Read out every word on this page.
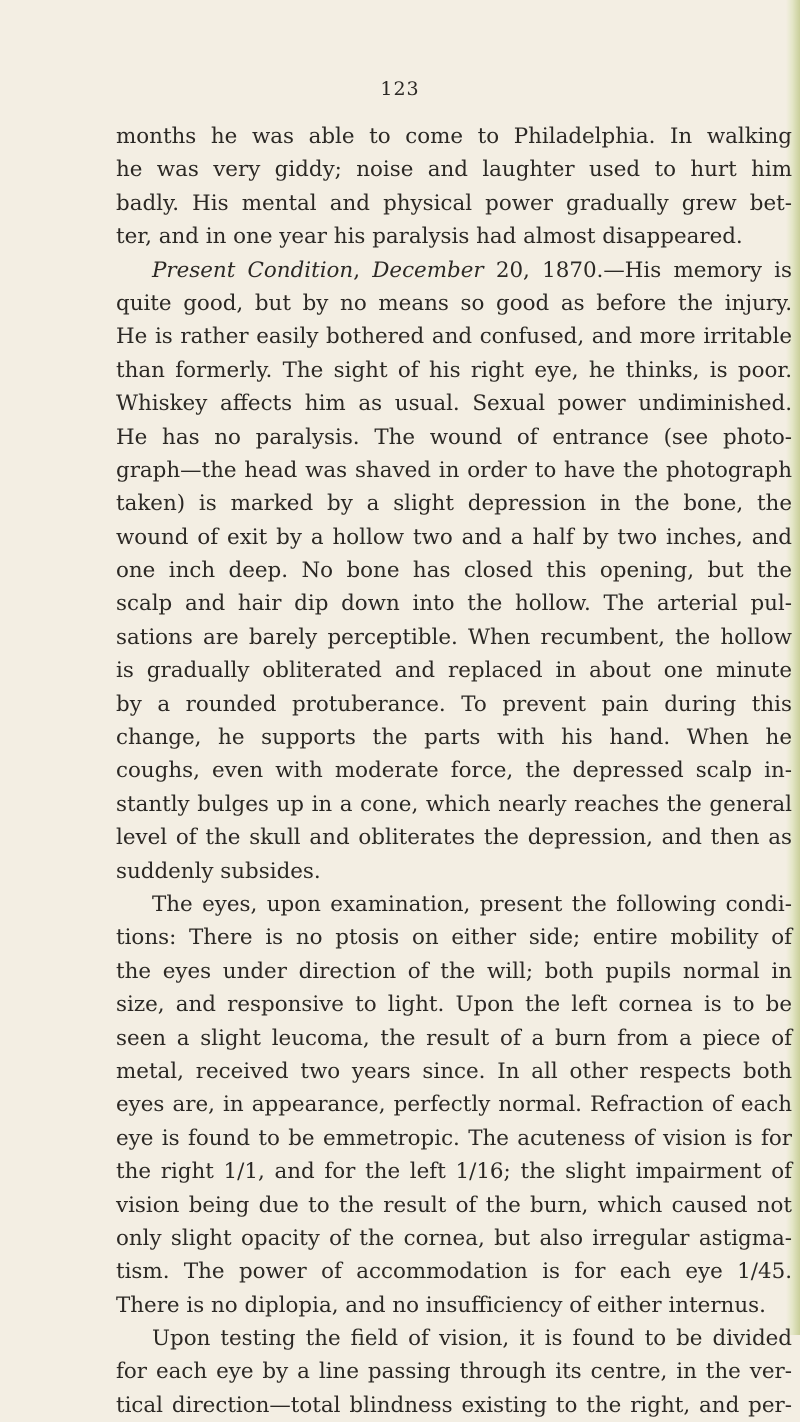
123
months he was able to come to Philadelphia. In walking
he was very giddy; noise and laughter used to hurt him
badly. His mental and physical power gradually grew bet-
ter, and in one year his paralysis had almost disappeared.
Present Condition, December 20, 1870.—His memory is
quite good, but by no means so good as before the injury.
He is rather easily bothered and confused, and more irritable
than formerly. The sight of his right eye, he thinks, is poor.
Whiskey affects him as usual. Sexual power undiminished.
He has no paralysis. The wound of entrance (see photo-
graph—the head was shaved in order to have the photograph
taken) is marked by a slight depression in the bone, the
wound of exit by a hollow two and a half by two inches, and
one inch deep. No bone has closed this opening, but the
scalp and hair dip down into the hollow. The arterial pul-
sations are barely perceptible. When recumbent, the hollow
is gradually obliterated and replaced in about one minute
by a rounded protuberance. To prevent pain during this
change, he supports the parts with his hand. When he
coughs, even with moderate force, the depressed scalp in-
stantly bulges up in a cone, which nearly reaches the general
level of the skull and obliterates the depression, and then as
suddenly subsides.
The eyes, upon examination, present the following condi-
tions: There is no ptosis on either side; entire mobility of
the eyes under direction of the will; both pupils normal in
size, and responsive to light. Upon the left cornea is to be
seen a slight leucoma, the result of a burn from a piece of
metal, received two years since. In all other respects both
eyes are, in appearance, perfectly normal. Refraction of each
eye is found to be emmetropic. The acuteness of vision is for
the right 1/1, and for the left 1/16; the slight impairment of
vision being due to the result of the burn, which caused not
only slight opacity of the cornea, but also irregular astigma-
tism. The power of accommodation is for each eye 1/45.
There is no diplopia, and no insufficiency of either internus.
Upon testing the field of vision, it is found to be divided
for each eye by a line passing through its centre, in the ver-
tical direction—total blindness existing to the right, and per-
